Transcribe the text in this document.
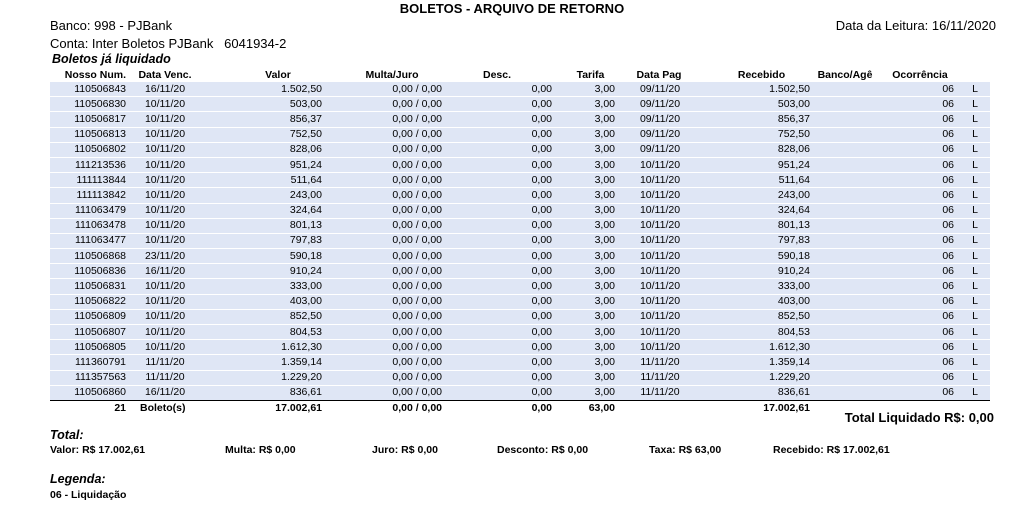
BOLETOS - ARQUIVO DE RETORNO
Banco: 998 - PJBank
Conta: Inter Boletos PJBank 6041934-2
Data da Leitura: 16/11/2020
Boletos já liquidado
Nosso Num.	Data Venc.	Valor	Multa/Juro	Desc.	Tarifa	Data Pag	Recebido	Banco/Agê	Ocorrência	
110506843	16/11/20	1.502,50	0,00 / 0,00	0,00	3,00	09/11/20	1.502,50		06	L
110506830	10/11/20	503,00	0,00 / 0,00	0,00	3,00	09/11/20	503,00		06	L
110506817	10/11/20	856,37	0,00 / 0,00	0,00	3,00	09/11/20	856,37		06	L
110506813	10/11/20	752,50	0,00 / 0,00	0,00	3,00	09/11/20	752,50		06	L
110506802	10/11/20	828,06	0,00 / 0,00	0,00	3,00	09/11/20	828,06		06	L
111213536	10/11/20	951,24	0,00 / 0,00	0,00	3,00	10/11/20	951,24		06	L
111113844	10/11/20	511,64	0,00 / 0,00	0,00	3,00	10/11/20	511,64		06	L
111113842	10/11/20	243,00	0,00 / 0,00	0,00	3,00	10/11/20	243,00		06	L
111063479	10/11/20	324,64	0,00 / 0,00	0,00	3,00	10/11/20	324,64		06	L
111063478	10/11/20	801,13	0,00 / 0,00	0,00	3,00	10/11/20	801,13		06	L
111063477	10/11/20	797,83	0,00 / 0,00	0,00	3,00	10/11/20	797,83		06	L
110506868	23/11/20	590,18	0,00 / 0,00	0,00	3,00	10/11/20	590,18		06	L
110506836	16/11/20	910,24	0,00 / 0,00	0,00	3,00	10/11/20	910,24		06	L
110506831	10/11/20	333,00	0,00 / 0,00	0,00	3,00	10/11/20	333,00		06	L
110506822	10/11/20	403,00	0,00 / 0,00	0,00	3,00	10/11/20	403,00		06	L
110506809	10/11/20	852,50	0,00 / 0,00	0,00	3,00	10/11/20	852,50		06	L
110506807	10/11/20	804,53	0,00 / 0,00	0,00	3,00	10/11/20	804,53		06	L
110506805	10/11/20	1.612,30	0,00 / 0,00	0,00	3,00	10/11/20	1.612,30		06	L
111360791	11/11/20	1.359,14	0,00 / 0,00	0,00	3,00	11/11/20	1.359,14		06	L
111357563	11/11/20	1.229,20	0,00 / 0,00	0,00	3,00	11/11/20	1.229,20		06	L
110506860	16/11/20	836,61	0,00 / 0,00	0,00	3,00	11/11/20	836,61		06	L
21	Boleto(s)	17.002,61	0,00 / 0,00	0,00	63,00		17.002,61			
Total Liquidado R$: 0,00
Total:
Valor: R$ 17.002,61	Multa: R$ 0,00	Juro: R$ 0,00	Desconto: R$ 0,00	Taxa: R$ 63,00	Recebido: R$ 17.002,61
Legenda:
06 - Liquidação
